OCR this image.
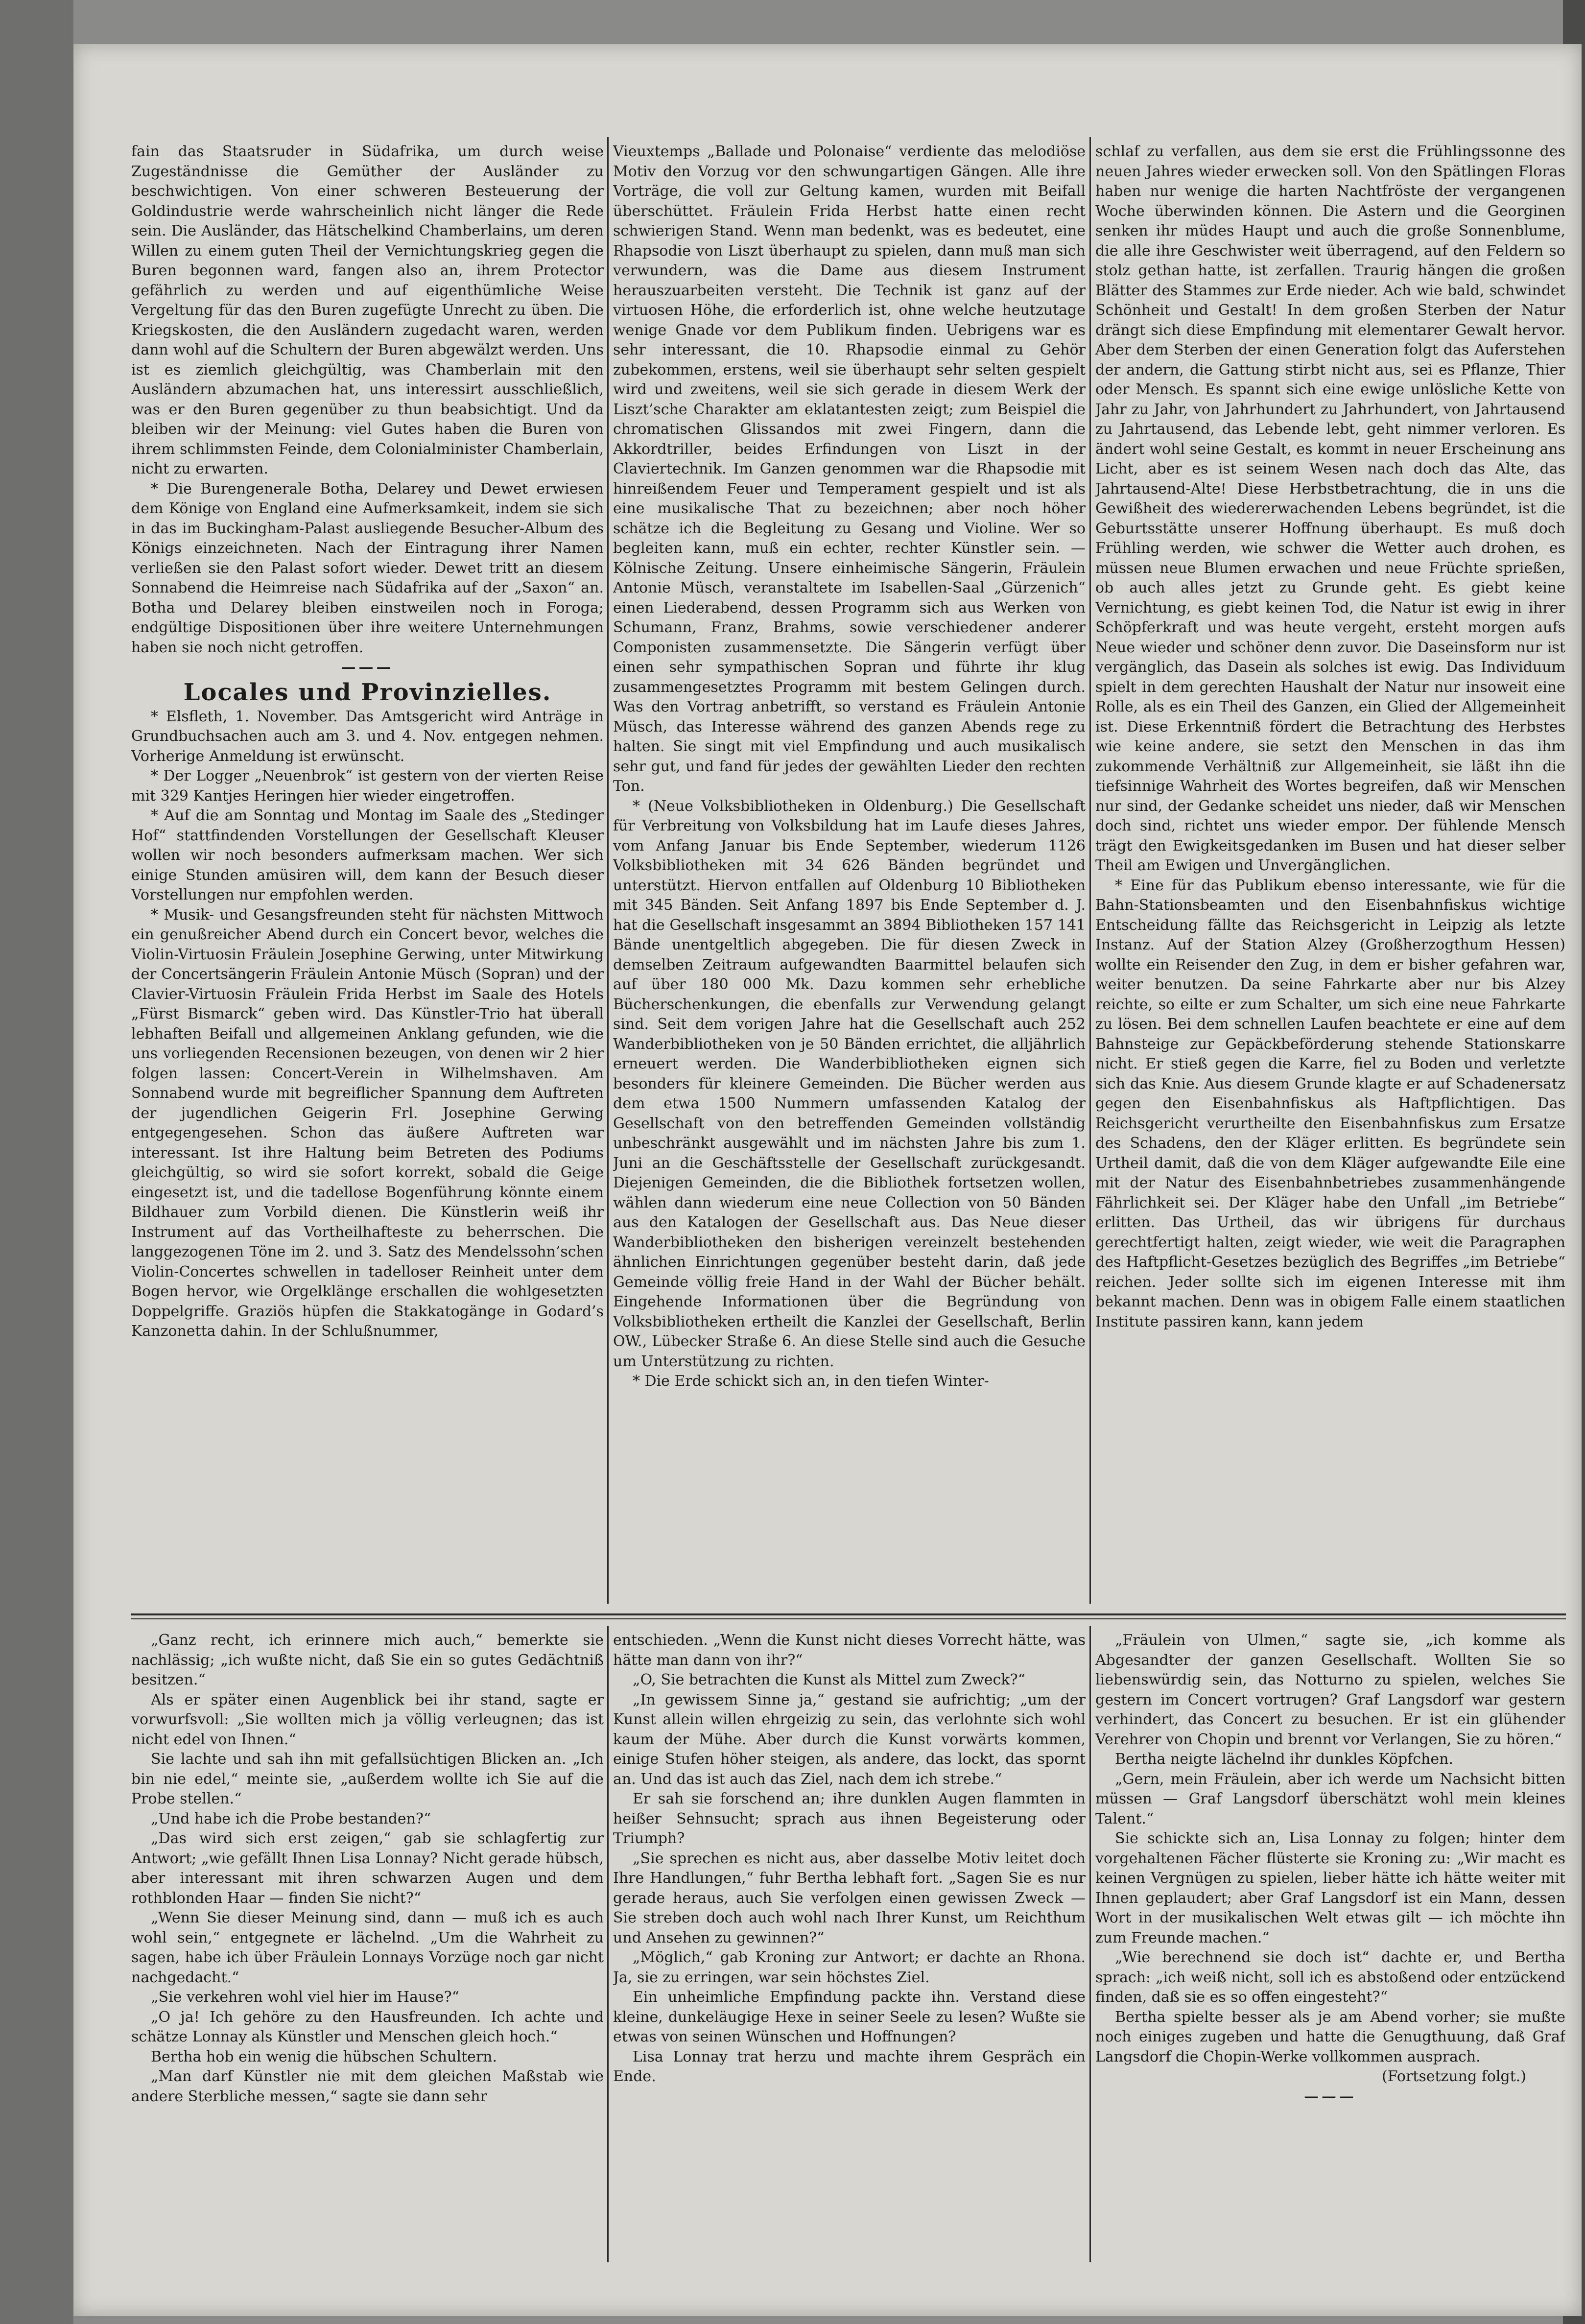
fain das Staatsruder in Südafrika, um durch weise Zugeständnisse die Gemüther der Ausländer zu beschwichtigen. Von einer schweren Besteuerung der Goldindustrie werde wahrscheinlich nicht länger die Rede sein. Die Ausländer, das Hätschelkind Chamberlains, um deren Willen zu einem guten Theil der Vernichtungskrieg gegen die Buren begonnen ward, fangen also an, ihrem Protector gefährlich zu werden und auf eigenthümliche Weise Vergeltung für das den Buren zugefügte Unrecht zu üben. Die Kriegskosten, die den Ausländern zugedacht waren, werden dann wohl auf die Schultern der Buren abgewälzt werden. Uns ist es ziemlich gleichgültig, was Chamberlain mit den Ausländern abzumachen hat, uns interessirt ausschließlich, was er den Buren gegenüber zu thun beabsichtigt. Und da bleiben wir der Meinung: viel Gutes haben die Buren von ihrem schlimmsten Feinde, dem Colonialminister Chamberlain, nicht zu erwarten.

* Die Burengenerale Botha, Delarey und Dewet erwiesen dem Könige von England eine Aufmerksamkeit, indem sie sich in das im Buckingham-Palast ausliegende Besucher-Album des Königs einzeichneten. Nach der Eintragung ihrer Namen verließen sie den Palast sofort wieder. Dewet tritt an diesem Sonnabend die Heimreise nach Südafrika auf der „Saxon“ an. Botha und Delarey bleiben einstweilen noch in Foroga; endgültige Dispositionen über ihre weitere Unternehmungen haben sie noch nicht getroffen.

———

Locales und Provinzielles.

* Elsfleth, 1. November. Das Amtsgericht wird Anträge in Grundbuchsachen auch am 3. und 4. Nov. entgegen nehmen. Vorherige Anmeldung ist erwünscht.

* Der Logger „Neuenbrok“ ist gestern von der vierten Reise mit 329 Kantjes Heringen hier wieder eingetroffen.

* Auf die am Sonntag und Montag im Saale des „Stedinger Hof“ stattfindenden Vorstellungen der Gesellschaft Kleuser wollen wir noch besonders aufmerksam machen. Wer sich einige Stunden amüsiren will, dem kann der Besuch dieser Vorstellungen nur empfohlen werden.

* Musik- und Gesangsfreunden steht für nächsten Mittwoch ein genußreicher Abend durch ein Concert bevor, welches die Violin-Virtuosin Fräulein Josephine Gerwing, unter Mitwirkung der Concertsängerin Fräulein Antonie Müsch (Sopran) und der Clavier-Virtuosin Fräulein Frida Herbst im Saale des Hotels „Fürst Bismarck“ geben wird. Das Künstler-Trio hat überall lebhaften Beifall und allgemeinen Anklang gefunden, wie die uns vorliegenden Recensionen bezeugen, von denen wir 2 hier folgen lassen: Concert-Verein in Wilhelmshaven. Am Sonnabend wurde mit begreiflicher Spannung dem Auftreten der jugendlichen Geigerin Frl. Josephine Gerwing entgegengesehen. Schon das äußere Auftreten war interessant. Ist ihre Haltung beim Betreten des Podiums gleichgültig, so wird sie sofort korrekt, sobald die Geige eingesetzt ist, und die tadellose Bogenführung könnte einem Bildhauer zum Vorbild dienen. Die Künstlerin weiß ihr Instrument auf das Vortheilhafteste zu beherrschen. Die langgezogenen Töne im 2. und 3. Satz des Mendelssohn’schen Violin-Concertes schwellen in tadelloser Reinheit unter dem Bogen hervor, wie Orgelklänge erschallen die wohlgesetzten Doppelgriffe. Graziös hüpfen die Stakkatogänge in Godard’s Kanzonetta dahin. In der Schlußnummer,

Vieuxtemps „Ballade und Polonaise“ verdiente das melodiöse Motiv den Vorzug vor den schwungartigen Gängen. Alle ihre Vorträge, die voll zur Geltung kamen, wurden mit Beifall überschüttet. Fräulein Frida Herbst hatte einen recht schwierigen Stand. Wenn man bedenkt, was es bedeutet, eine Rhapsodie von Liszt überhaupt zu spielen, dann muß man sich verwundern, was die Dame aus diesem Instrument herauszuarbeiten versteht. Die Technik ist ganz auf der virtuosen Höhe, die erforderlich ist, ohne welche heutzutage wenige Gnade vor dem Publikum finden. Uebrigens war es sehr interessant, die 10. Rhapsodie einmal zu Gehör zubekommen, erstens, weil sie überhaupt sehr selten gespielt wird und zweitens, weil sie sich gerade in diesem Werk der Liszt’sche Charakter am eklatantesten zeigt; zum Beispiel die chromatischen Glissandos mit zwei Fingern, dann die Akkordtriller, beides Erfindungen von Liszt in der Claviertechnik. Im Ganzen genommen war die Rhapsodie mit hinreißendem Feuer und Temperament gespielt und ist als eine musikalische That zu bezeichnen; aber noch höher schätze ich die Begleitung zu Gesang und Violine. Wer so begleiten kann, muß ein echter, rechter Künstler sein. — Kölnische Zeitung. Unsere einheimische Sängerin, Fräulein Antonie Müsch, veranstaltete im Isabellen-Saal „Gürzenich“ einen Liederabend, dessen Programm sich aus Werken von Schumann, Franz, Brahms, sowie verschiedener anderer Componisten zusammensetzte. Die Sängerin verfügt über einen sehr sympathischen Sopran und führte ihr klug zusammengesetztes Programm mit bestem Gelingen durch. Was den Vortrag anbetrifft, so verstand es Fräulein Antonie Müsch, das Interesse während des ganzen Abends rege zu halten. Sie singt mit viel Empfindung und auch musikalisch sehr gut, und fand für jedes der gewählten Lieder den rechten Ton.

* (Neue Volksbibliotheken in Oldenburg.) Die Gesellschaft für Verbreitung von Volksbildung hat im Laufe dieses Jahres, vom Anfang Januar bis Ende September, wiederum 1126 Volksbibliotheken mit 34 626 Bänden begründet und unterstützt. Hiervon entfallen auf Oldenburg 10 Bibliotheken mit 345 Bänden. Seit Anfang 1897 bis Ende September d. J. hat die Gesellschaft insgesammt an 3894 Bibliotheken 157 141 Bände unentgeltlich abgegeben. Die für diesen Zweck in demselben Zeitraum aufgewandten Baarmittel belaufen sich auf über 180 000 Mk. Dazu kommen sehr erhebliche Bücherschenkungen, die ebenfalls zur Verwendung gelangt sind. Seit dem vorigen Jahre hat die Gesellschaft auch 252 Wanderbibliotheken von je 50 Bänden errichtet, die alljährlich erneuert werden. Die Wanderbibliotheken eignen sich besonders für kleinere Gemeinden. Die Bücher werden aus dem etwa 1500 Nummern umfassenden Katalog der Gesellschaft von den betreffenden Gemeinden vollständig unbeschränkt ausgewählt und im nächsten Jahre bis zum 1. Juni an die Geschäftsstelle der Gesellschaft zurückgesandt. Diejenigen Gemeinden, die die Bibliothek fortsetzen wollen, wählen dann wiederum eine neue Collection von 50 Bänden aus den Katalogen der Gesellschaft aus. Das Neue dieser Wanderbibliotheken den bisherigen vereinzelt bestehenden ähnlichen Einrichtungen gegenüber besteht darin, daß jede Gemeinde völlig freie Hand in der Wahl der Bücher behält. Eingehende Informationen über die Begründung von Volksbibliotheken ertheilt die Kanzlei der Gesellschaft, Berlin OW., Lübecker Straße 6. An diese Stelle sind auch die Gesuche um Unterstützung zu richten.

* Die Erde schickt sich an, in den tiefen Winter-

schlaf zu verfallen, aus dem sie erst die Frühlingssonne des neuen Jahres wieder erwecken soll. Von den Spätlingen Floras haben nur wenige die harten Nachtfröste der vergangenen Woche überwinden können. Die Astern und die Georginen senken ihr müdes Haupt und auch die große Sonnenblume, die alle ihre Geschwister weit überragend, auf den Feldern so stolz gethan hatte, ist zerfallen. Traurig hängen die großen Blätter des Stammes zur Erde nieder. Ach wie bald, schwindet Schönheit und Gestalt! In dem großen Sterben der Natur drängt sich diese Empfindung mit elementarer Gewalt hervor. Aber dem Sterben der einen Generation folgt das Auferstehen der andern, die Gattung stirbt nicht aus, sei es Pflanze, Thier oder Mensch. Es spannt sich eine ewige unlösliche Kette von Jahr zu Jahr, von Jahrhundert zu Jahrhundert, von Jahrtausend zu Jahrtausend, das Lebende lebt, geht nimmer verloren. Es ändert wohl seine Gestalt, es kommt in neuer Erscheinung ans Licht, aber es ist seinem Wesen nach doch das Alte, das Jahrtausend-Alte! Diese Herbstbetrachtung, die in uns die Gewißheit des wiedererwachenden Lebens begründet, ist die Geburtsstätte unserer Hoffnung überhaupt. Es muß doch Frühling werden, wie schwer die Wetter auch drohen, es müssen neue Blumen erwachen und neue Früchte sprießen, ob auch alles jetzt zu Grunde geht. Es giebt keine Vernichtung, es giebt keinen Tod, die Natur ist ewig in ihrer Schöpferkraft und was heute vergeht, ersteht morgen aufs Neue wieder und schöner denn zuvor. Die Daseinsform nur ist vergänglich, das Dasein als solches ist ewig. Das Individuum spielt in dem gerechten Haushalt der Natur nur insoweit eine Rolle, als es ein Theil des Ganzen, ein Glied der Allgemeinheit ist. Diese Erkenntniß fördert die Betrachtung des Herbstes wie keine andere, sie setzt den Menschen in das ihm zukommende Verhältniß zur Allgemeinheit, sie läßt ihn die tiefsinnige Wahrheit des Wortes begreifen, daß wir Menschen nur sind, der Gedanke scheidet uns nieder, daß wir Menschen doch sind, richtet uns wieder empor. Der fühlende Mensch trägt den Ewigkeitsgedanken im Busen und hat dieser selber Theil am Ewigen und Unvergänglichen.

* Eine für das Publikum ebenso interessante, wie für die Bahn-Stationsbeamten und den Eisenbahnfiskus wichtige Entscheidung fällte das Reichsgericht in Leipzig als letzte Instanz. Auf der Station Alzey (Großherzogthum Hessen) wollte ein Reisender den Zug, in dem er bisher gefahren war, weiter benutzen. Da seine Fahrkarte aber nur bis Alzey reichte, so eilte er zum Schalter, um sich eine neue Fahrkarte zu lösen. Bei dem schnellen Laufen beachtete er eine auf dem Bahnsteige zur Gepäckbeförderung stehende Stationskarre nicht. Er stieß gegen die Karre, fiel zu Boden und verletzte sich das Knie. Aus diesem Grunde klagte er auf Schadenersatz gegen den Eisenbahnfiskus als Haftpflichtigen. Das Reichsgericht verurtheilte den Eisenbahnfiskus zum Ersatze des Schadens, den der Kläger erlitten. Es begründete sein Urtheil damit, daß die von dem Kläger aufgewandte Eile eine mit der Natur des Eisenbahnbetriebes zusammenhängende Fährlichkeit sei. Der Kläger habe den Unfall „im Betriebe“ erlitten. Das Urtheil, das wir übrigens für durchaus gerechtfertigt halten, zeigt wieder, wie weit die Paragraphen des Haftpflicht-Gesetzes bezüglich des Begriffes „im Betriebe“ reichen. Jeder sollte sich im eigenen Interesse mit ihm bekannt machen. Denn was in obigem Falle einem staatlichen Institute passiren kann, kann jedem

„Ganz recht, ich erinnere mich auch,“ bemerkte sie nachlässig; „ich wußte nicht, daß Sie ein so gutes Gedächtniß besitzen.“

Als er später einen Augenblick bei ihr stand, sagte er vorwurfsvoll: „Sie wollten mich ja völlig verleugnen; das ist nicht edel von Ihnen.“

Sie lachte und sah ihn mit gefallsüchtigen Blicken an. „Ich bin nie edel,“ meinte sie, „außerdem wollte ich Sie auf die Probe stellen.“

„Und habe ich die Probe bestanden?“

„Das wird sich erst zeigen,“ gab sie schlagfertig zur Antwort; „wie gefällt Ihnen Lisa Lonnay? Nicht gerade hübsch, aber interessant mit ihren schwarzen Augen und dem rothblonden Haar — finden Sie nicht?“

„Wenn Sie dieser Meinung sind, dann — muß ich es auch wohl sein,“ entgegnete er lächelnd. „Um die Wahrheit zu sagen, habe ich über Fräulein Lonnays Vorzüge noch gar nicht nachgedacht.“

„Sie verkehren wohl viel hier im Hause?“

„O ja! Ich gehöre zu den Hausfreunden. Ich achte und schätze Lonnay als Künstler und Menschen gleich hoch.“

Bertha hob ein wenig die hübschen Schultern.

„Man darf Künstler nie mit dem gleichen Maßstab wie andere Sterbliche messen,“ sagte sie dann sehr

entschieden. „Wenn die Kunst nicht dieses Vorrecht hätte, was hätte man dann von ihr?“

„O, Sie betrachten die Kunst als Mittel zum Zweck?“

„In gewissem Sinne ja,“ gestand sie aufrichtig; „um der Kunst allein willen ehrgeizig zu sein, das verlohnte sich wohl kaum der Mühe. Aber durch die Kunst vorwärts kommen, einige Stufen höher steigen, als andere, das lockt, das spornt an. Und das ist auch das Ziel, nach dem ich strebe.“

Er sah sie forschend an; ihre dunklen Augen flammten in heißer Sehnsucht; sprach aus ihnen Begeisterung oder Triumph?

„Sie sprechen es nicht aus, aber dasselbe Motiv leitet doch Ihre Handlungen,“ fuhr Bertha lebhaft fort. „Sagen Sie es nur gerade heraus, auch Sie verfolgen einen gewissen Zweck — Sie streben doch auch wohl nach Ihrer Kunst, um Reichthum und Ansehen zu gewinnen?“

„Möglich,“ gab Kroning zur Antwort; er dachte an Rhona. Ja, sie zu erringen, war sein höchstes Ziel.

Ein unheimliche Empfindung packte ihn. Verstand diese kleine, dunkeläugige Hexe in seiner Seele zu lesen? Wußte sie etwas von seinen Wünschen und Hoffnungen?

Lisa Lonnay trat herzu und machte ihrem Gespräch ein Ende.

„Fräulein von Ulmen,“ sagte sie, „ich komme als Abgesandter der ganzen Gesellschaft. Wollten Sie so liebenswürdig sein, das Notturno zu spielen, welches Sie gestern im Concert vortrugen? Graf Langsdorf war gestern verhindert, das Concert zu besuchen. Er ist ein glühender Verehrer von Chopin und brennt vor Verlangen, Sie zu hören.“

Bertha neigte lächelnd ihr dunkles Köpfchen.

„Gern, mein Fräulein, aber ich werde um Nachsicht bitten müssen — Graf Langsdorf überschätzt wohl mein kleines Talent.“

Sie schickte sich an, Lisa Lonnay zu folgen; hinter dem vorgehaltenen Fächer flüsterte sie Kroning zu: „Wir macht es keinen Vergnügen zu spielen, lieber hätte ich hätte weiter mit Ihnen geplaudert; aber Graf Langsdorf ist ein Mann, dessen Wort in der musikalischen Welt etwas gilt — ich möchte ihn zum Freunde machen.“

„Wie berechnend sie doch ist“ dachte er, und Bertha sprach: „ich weiß nicht, soll ich es abstoßend oder entzückend finden, daß sie es so offen eingesteht?“

Bertha spielte besser als je am Abend vorher; sie mußte noch einiges zugeben und hatte die Genugthuung, daß Graf Langsdorf die Chopin-Werke vollkommen ausprach.

(Fortsetzung folgt.)

———
